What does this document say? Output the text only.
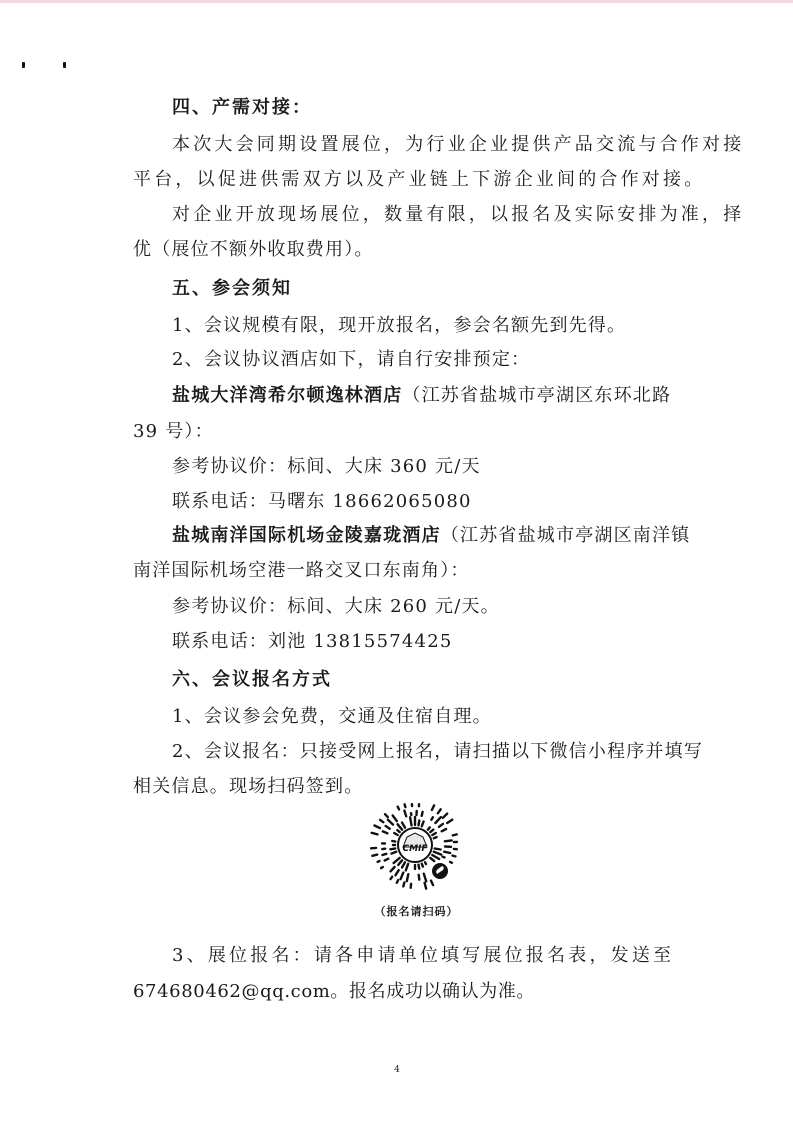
四、产需对接：
本次大会同期设置展位，为行业企业提供产品交流与合作对接
平台，以促进供需双方以及产业链上下游企业间的合作对接。
对企业开放现场展位，数量有限，以报名及实际安排为准，择
优（展位不额外收取费用）。
五、参会须知
1、会议规模有限，现开放报名，参会名额先到先得。
2、会议协议酒店如下，请自行安排预定：
盐城大洋湾希尔顿逸林酒店（江苏省盐城市亭湖区东环北路
39 号）：
参考协议价：标间、大床 360 元/天
联系电话：马曙东 18662065080
盐城南洋国际机场金陵嘉珑酒店（江苏省盐城市亭湖区南洋镇
南洋国际机场空港一路交叉口东南角）：
参考协议价：标间、大床 260 元/天。
联系电话：刘池 13815574425
六、会议报名方式
1、会议参会免费，交通及住宿自理。
2、会议报名：只接受网上报名，请扫描以下微信小程序并填写
相关信息。现场扫码签到。
CMIF
（报名请扫码）
3、展位报名：请各申请单位填写展位报名表，发送至
674680462@qq.com。报名成功以确认为准。
4
